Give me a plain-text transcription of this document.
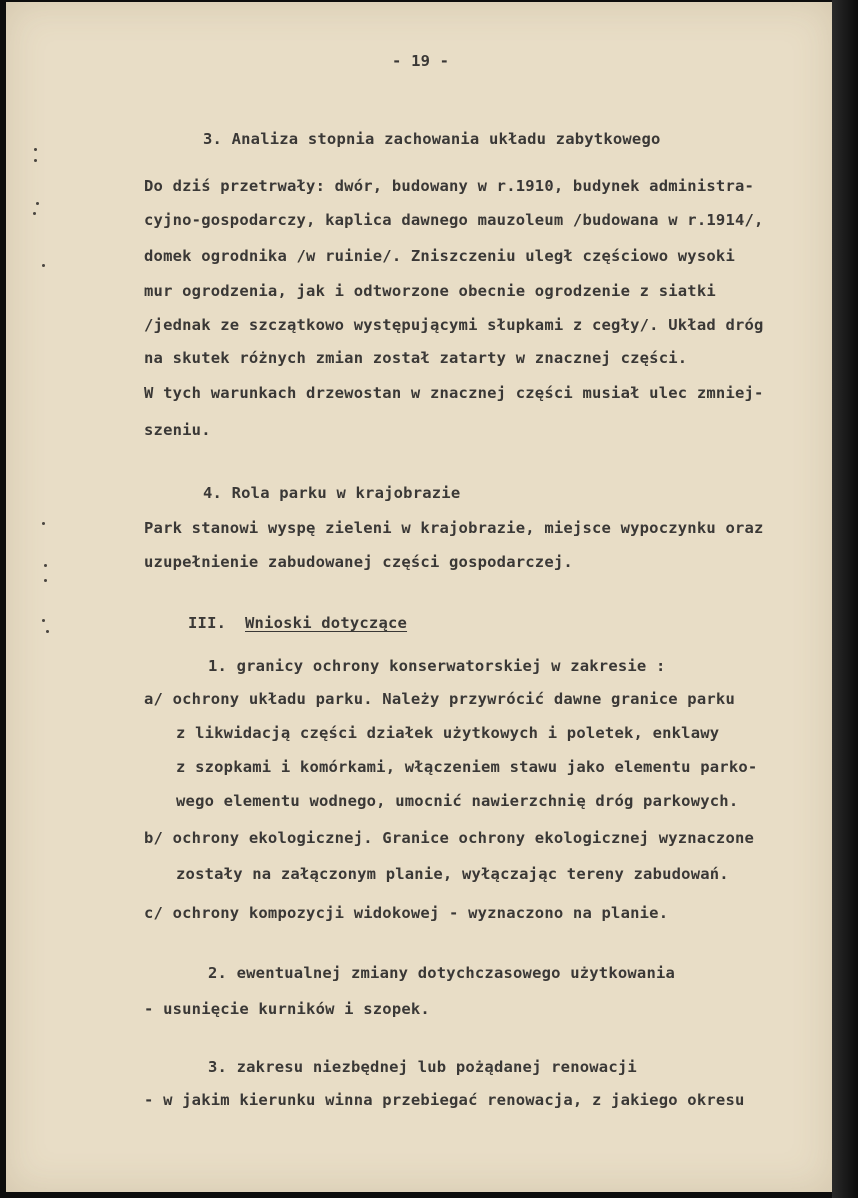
- 19 -
3. Analiza stopnia zachowania układu zabytkowego
Do dziś przetrwały: dwór, budowany w r.1910, budynek administra-
cyjno-gospodarczy, kaplica dawnego mauzoleum /budowana w r.1914/,
domek ogrodnika /w ruinie/. Zniszczeniu uległ częściowo wysoki
mur ogrodzenia, jak i odtworzone obecnie ogrodzenie z siatki
/jednak ze szczątkowo występującymi słupkami z cegły/. Układ dróg
na skutek różnych zmian został zatarty w znacznej części.
W tych warunkach drzewostan w znacznej części musiał ulec zmniej-
szeniu.
4. Rola parku w krajobrazie
Park stanowi wyspę zieleni w krajobrazie, miejsce wypoczynku oraz
uzupełnienie zabudowanej części gospodarczej.
III. Wnioski dotyczące
1. granicy ochrony konserwatorskiej w zakresie :
a/ ochrony układu parku. Należy przywrócić dawne granice parku
z likwidacją części działek użytkowych i poletek, enklawy
z szopkami i komórkami, włączeniem stawu jako elementu parko-
wego elementu wodnego, umocnić nawierzchnię dróg parkowych.
b/ ochrony ekologicznej. Granice ochrony ekologicznej wyznaczone
zostały na załączonym planie, wyłączając tereny zabudowań.
c/ ochrony kompozycji widokowej - wyznaczono na planie.
2. ewentualnej zmiany dotychczasowego użytkowania
- usunięcie kurników i szopek.
3. zakresu niezbędnej lub pożądanej renowacji
- w jakim kierunku winna przebiegać renowacja, z jakiego okresu
